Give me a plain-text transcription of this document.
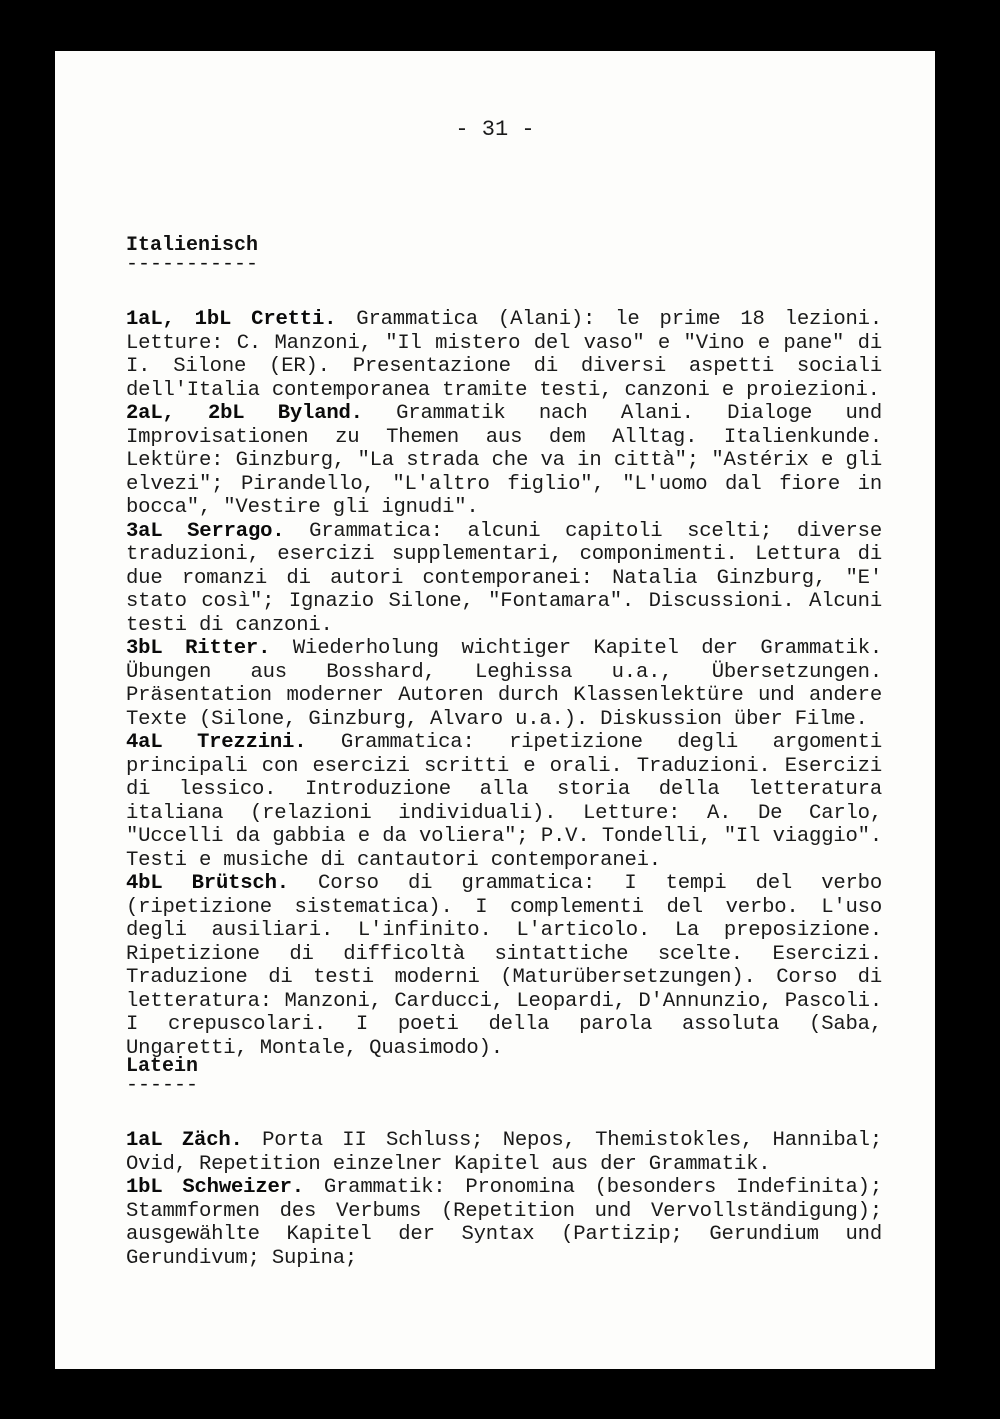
- 31 -
Italienisch
-----------

1aL, 1bL Cretti. Grammatica (Alani): le prime 18 lezioni. Letture: C. Manzoni, "Il mistero del vaso" e "Vino e pane" di I. Silone (ER). Presentazione di diversi aspetti sociali dell'Italia contemporanea tramite testi, canzoni e proiezioni.

2aL, 2bL Byland. Grammatik nach Alani. Dialoge und Improvisationen zu Themen aus dem Alltag. Italienkunde. Lektüre: Ginzburg, "La strada che va in città"; "Astérix e gli elvezi"; Pirandello, "L'altro figlio", "L'uomo dal fiore in bocca", "Vestire gli ignudi".

3aL Serrago. Grammatica: alcuni capitoli scelti; diverse traduzioni, esercizi supplementari, componimenti. Lettura di due romanzi di autori contemporanei: Natalia Ginzburg, "E' stato così"; Ignazio Silone, "Fontamara". Discussioni. Alcuni testi di canzoni.

3bL Ritter. Wiederholung wichtiger Kapitel der Grammatik. Übungen aus Bosshard, Leghissa u.a., Übersetzungen. Präsentation moderner Autoren durch Klassenlektüre und andere Texte (Silone, Ginzburg, Alvaro u.a.). Diskussion über Filme.

4aL Trezzini. Grammatica: ripetizione degli argomenti principali con esercizi scritti e orali. Traduzioni. Esercizi di lessico. Introduzione alla storia della letteratura italiana (relazioni individuali). Letture: A. De Carlo, "Uccelli da gabbia e da voliera"; P.V. Tondelli, "Il viaggio". Testi e musiche di cantautori contemporanei.

4bL Brütsch. Corso di grammatica: I tempi del verbo (ripetizione sistematica). I complementi del verbo. L'uso degli ausiliari. L'infinito. L'articolo. La preposizione. Ripetizione di difficoltà sintattiche scelte. Esercizi. Traduzione di testi moderni (Maturübersetzungen). Corso di letteratura: Manzoni, Carducci, Leopardi, D'Annunzio, Pascoli. I crepuscolari. I poeti della parola assoluta (Saba, Ungaretti, Montale, Quasimodo).

Latein
------

1aL Zäch. Porta II Schluss; Nepos, Themistokles, Hannibal; Ovid, Repetition einzelner Kapitel aus der Grammatik.

1bL Schweizer. Grammatik: Pronomina (besonders Indefinita); Stammformen des Verbums (Repetition und Vervollständigung); ausgewählte Kapitel der Syntax (Partizip; Gerundium und Gerundivum; Supina;
